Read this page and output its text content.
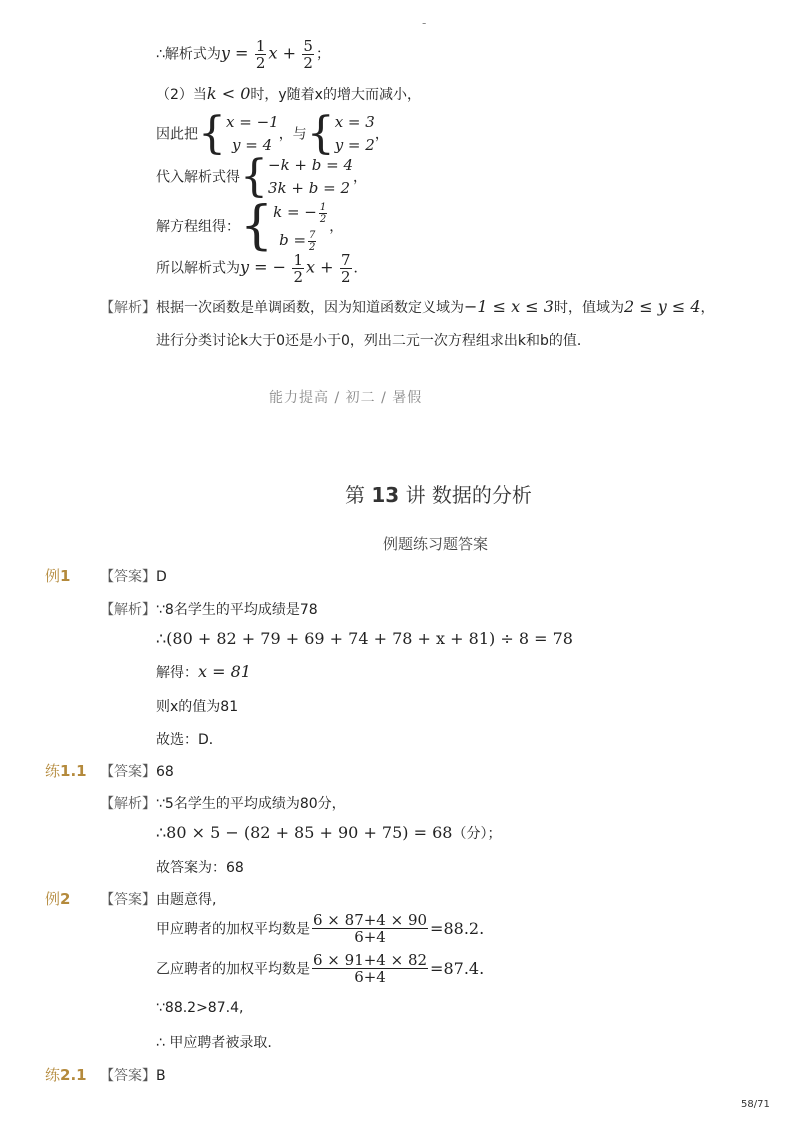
-
∴解析式为$y = \frac{1}{2}$ $x + \frac{5}{2}$ ；
（2）当k < 0时，y随着x的增大而减小，
因此把{ x = −1
y = 4
，与{ x = 3
y = 2
，
代入解析式得{ −k + b = 4
3k + b = 2
，
解方程组得：{ k = − $\frac{1}{2}$
$b = \frac{7}{2}$
，
所以解析式为y = − $\frac{1}{2}$ $x + \frac{7}{2}$ ．
【解析】根据一次函数是单调函数，因为知道函数定义域为−1 ≤ x ≤ 3时，值域为2 ≤ y ≤ 4，
进行分类讨论k大于0还是小于0，列出二元一次方程组求出k和b的值．
能力提高 / 初二 / 暑假
第 13 讲 数据的分析
例题练习题答案
例1 【答案】D
【解析】∵8名学生的平均成绩是78
∴(80 + 82 + 79 + 69 + 74 + 78 + x + 81) ÷ 8 = 78
解得：x = 81
则x的值为81
故选：D．
练1.1 【答案】68
【解析】∵5名学生的平均成绩为80分，
∴80 × 5 − (82 + 85 + 90 + 75) = 68（分）；
故答案为：68
例2 【答案】由题意得,
甲应聘者的加权平均数是 $\frac{6 \times 87+4 \times 90}{6+4} =88.2$.
乙应聘者的加权平均数是 $\frac{6 \times 91+4 \times 82}{6+4} =87.4$.
∵88.2>87.4,
∴ 甲应聘者被录取.
练2.1 【答案】B
58/71
